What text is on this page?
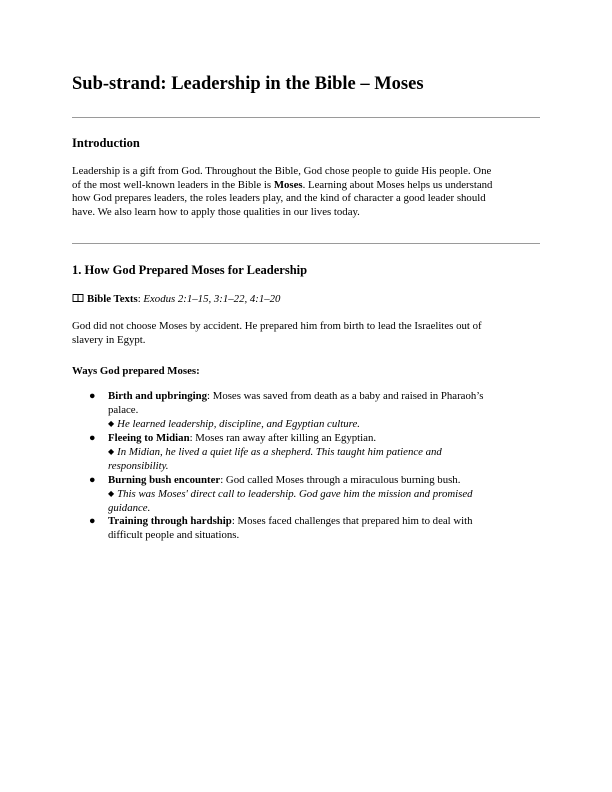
Sub-strand: Leadership in the Bible – Moses
Introduction

Leadership is a gift from God. Throughout the Bible, God chose people to guide His people. One
of the most well-known leaders in the Bible is Moses. Learning about Moses helps us understand
how God prepares leaders, the roles leaders play, and the kind of character a good leader should
have. We also learn how to apply those qualities in our lives today.

1. How God Prepared Moses for Leadership
Bible Texts: Exodus 2:1–15, 3:1–22, 4:1–20

God did not choose Moses by accident. He prepared him from birth to lead the Israelites out of
slavery in Egypt.

Ways God prepared Moses:
● Birth and upbringing: Moses was saved from death as a baby and raised in Pharaoh’s
palace.
◆ He learned leadership, discipline, and Egyptian culture.
● Fleeing to Midian: Moses ran away after killing an Egyptian.
◆ In Midian, he lived a quiet life as a shepherd. This taught him patience and
responsibility.
● Burning bush encounter: God called Moses through a miraculous burning bush.
◆ This was Moses' direct call to leadership. God gave him the mission and promised
guidance.
● Training through hardship: Moses faced challenges that prepared him to deal with
difficult people and situations.
